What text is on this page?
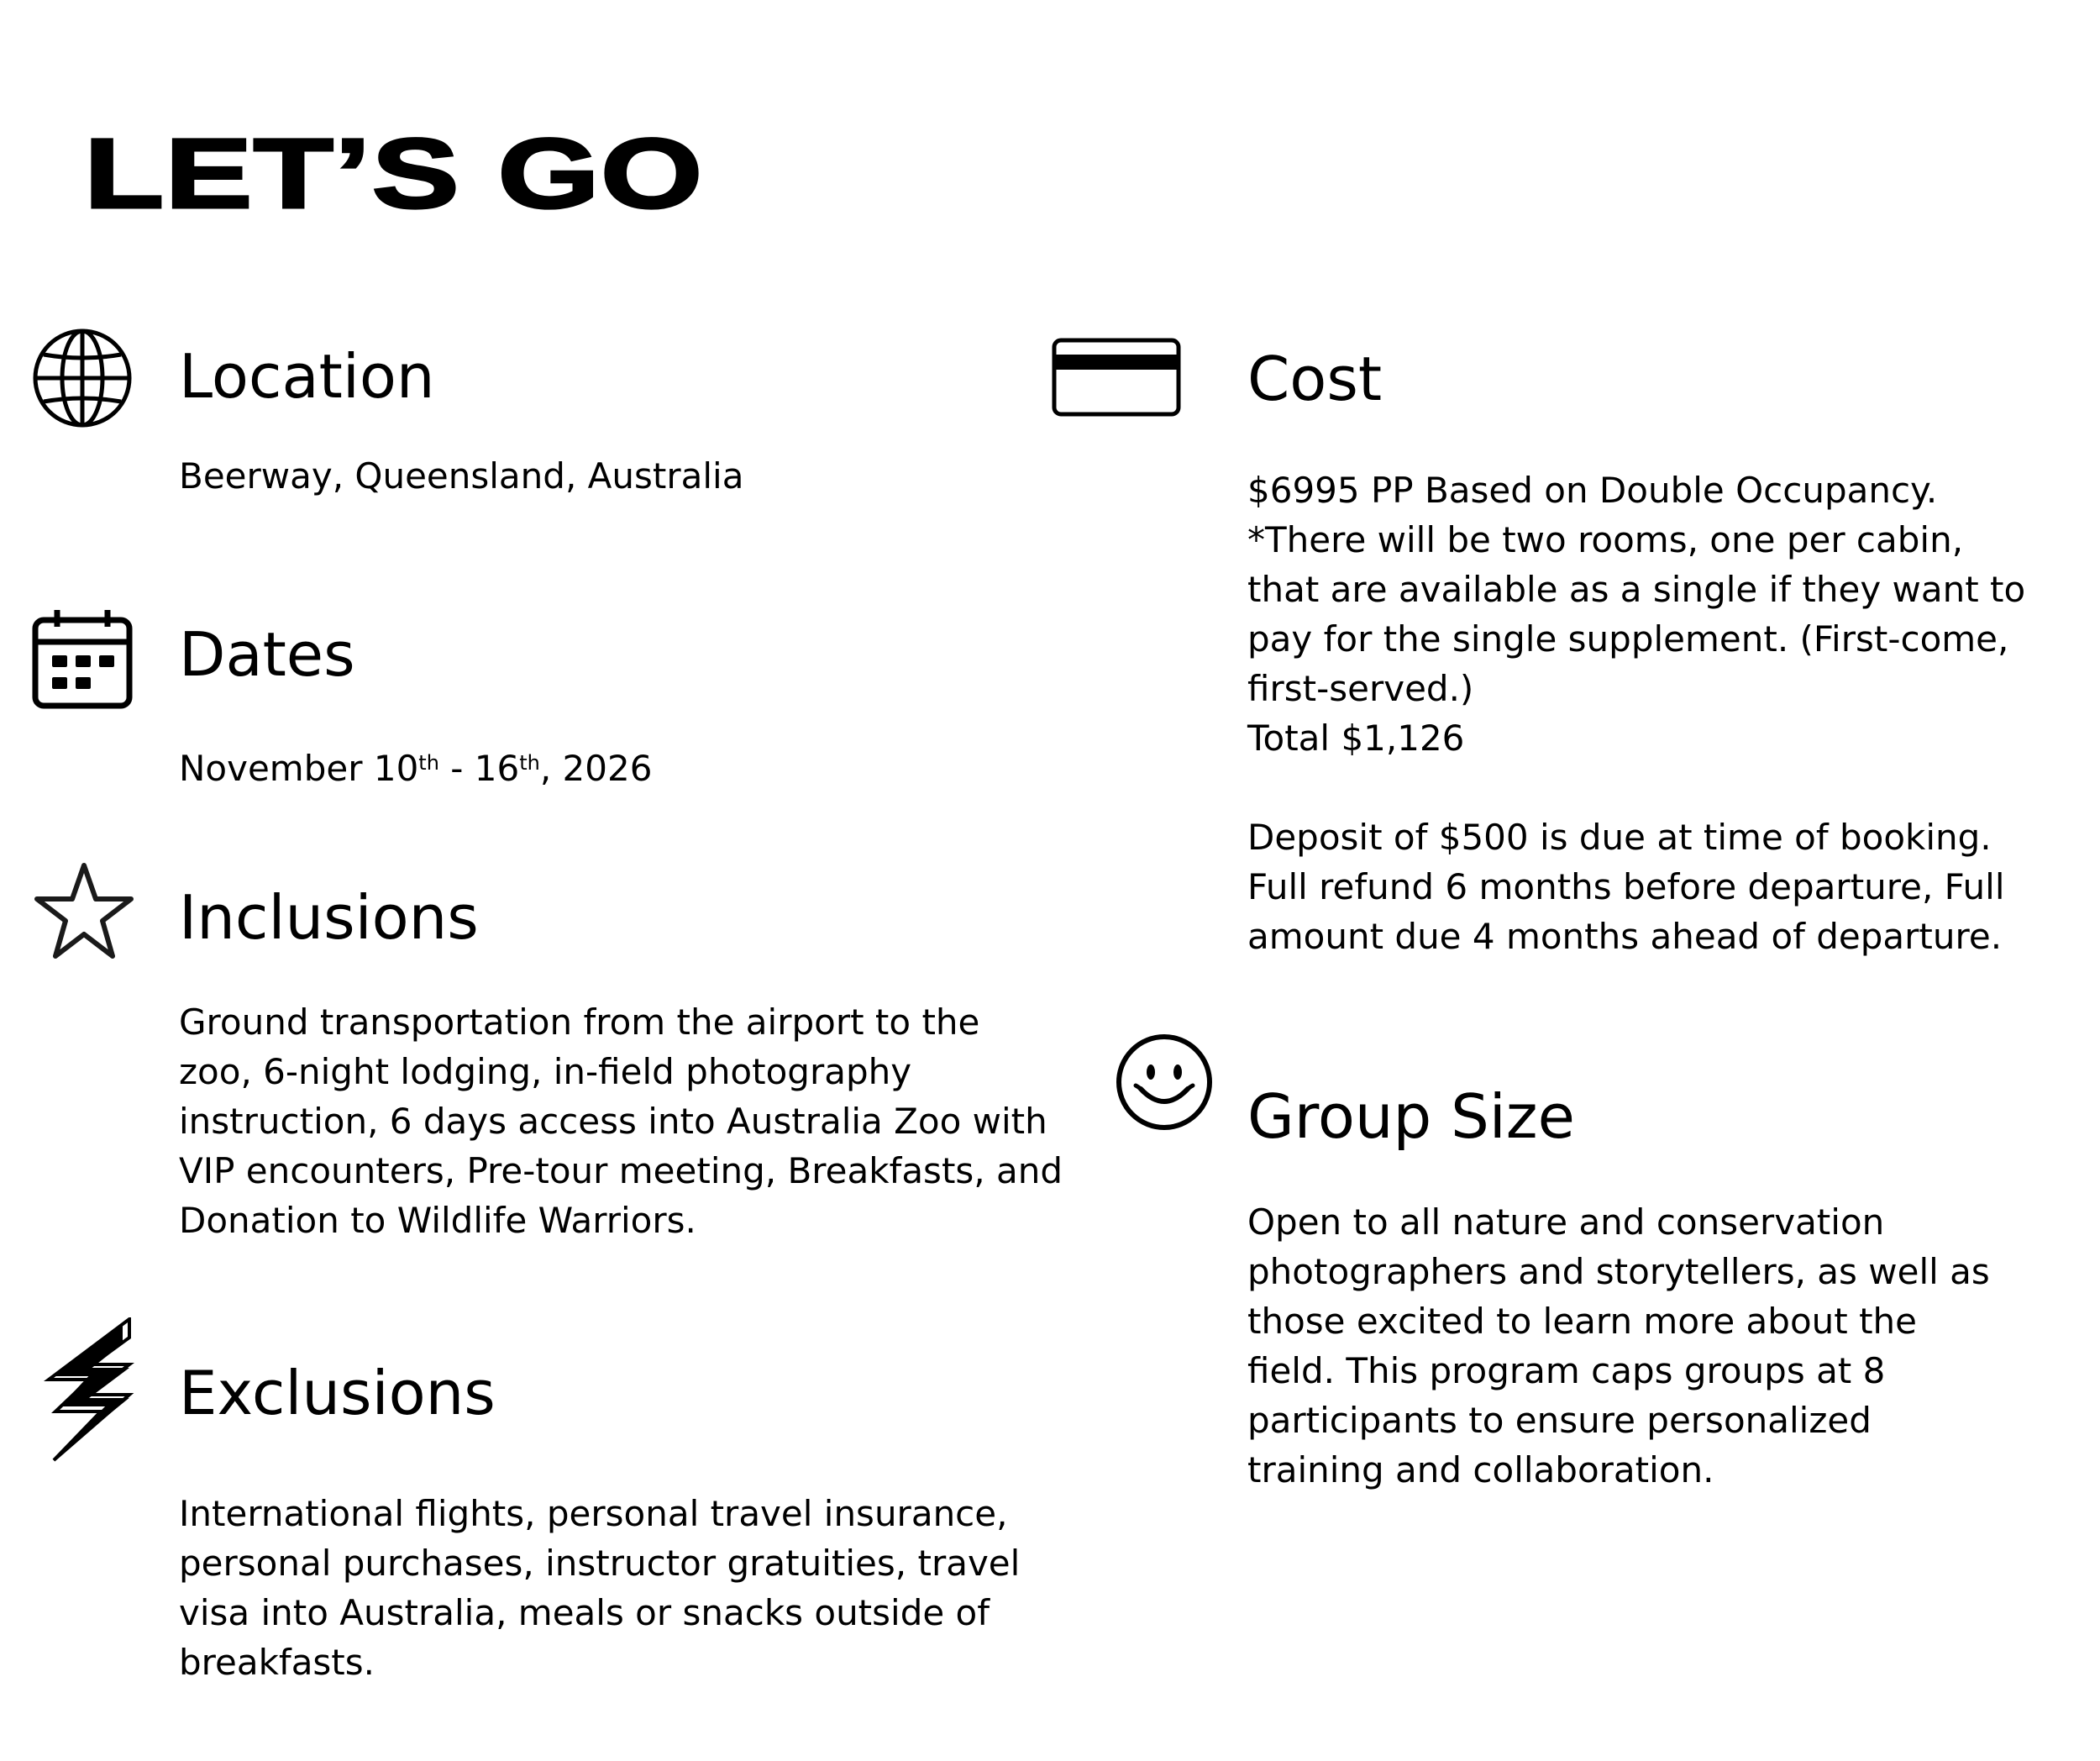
LET’S GO
Location

Beerway, Queensland, Australia

Dates

November 10th - 16th, 2026

Inclusions

Ground transportation from the airport to the
zoo, 6-night lodging, in-field photography
instruction, 6 days access into Australia Zoo with
VIP encounters, Pre-tour meeting, Breakfasts, and
Donation to Wildlife Warriors.

Exclusions

International flights, personal travel insurance,
personal purchases, instructor gratuities, travel
visa into Australia, meals or snacks outside of
breakfasts.

Cost

$6995 PP Based on Double Occupancy.
*There will be two rooms, one per cabin,
that are available as a single if they want to
pay for the single supplement. (First-come,
first-served.)
Total $1,126
Deposit of $500 is due at time of booking.
Full refund 6 months before departure, Full
amount due 4 months ahead of departure.

Group Size

Open to all nature and conservation
photographers and storytellers, as well as
those excited to learn more about the
field. This program caps groups at 8
participants to ensure personalized
training and collaboration.
